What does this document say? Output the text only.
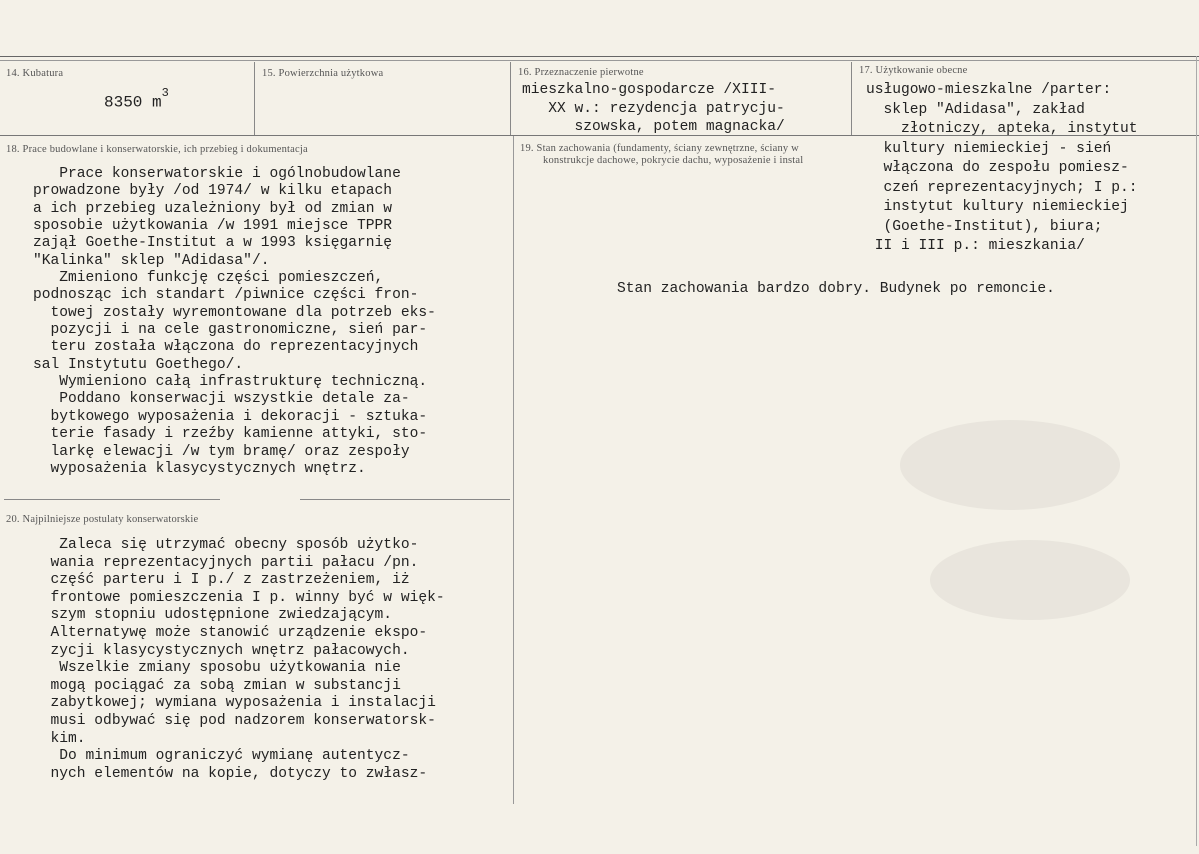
14. Kubatura
8350 $m^3$
15. Powierzchnia użytkowa	16. Przeznaczenie pierwotne
mieszkalno-gospodarcze /XIII-
XX w.: rezydencja patrycju-
szowska, potem magnacka/
17. Użytkowanie obecne
usługowo-mieszkalne /parter:
sklep "Adidasa", zakład
złotniczy, apteka, instytut
kultury niemieckiej - sień
włączona do zespołu pomiesz-
czeń reprezentacyjnych; I p.:
instytut kultury niemieckiej
(Goethe-Institut), biura;
II i III p.: mieszkania/
18. Prace budowlane i konserwatorskie, ich przebieg i dokumentacja
Prace konserwatorskie i ogólnobudowlane
prowadzone były /od 1974/ w kilku etapach
a ich przebieg uzależniony był od zmian w
sposobie użytkowania /w 1991 miejsce TPPR
zajął Goethe-Institut a w 1993 księgarnię
"Kalinka" sklep "Adidasa"/.
Zmieniono funkcję części pomieszczeń,
podnosząc ich standart /piwnice części fron-
towej zostały wyremontowane dla potrzeb eks-
pozycji i na cele gastronomiczne, sień par-
teru została włączona do reprezentacyjnych
sal Instytutu Goethego/.
Wymieniono całą infrastrukturę techniczną.
Poddano konserwacji wszystkie detale za-
bytkowego wyposażenia i dekoracji - sztuka-
terie fasady i rzeźby kamienne attyki, sto-
larkę elewacji /w tym bramę/ oraz zespoły
wyposażenia klasycystycznych wnętrz.
19. Stan zachowania (fundamenty, ściany zewnętrzne, ściany w
konstrukcje dachowe, pokrycie dachu, wyposażenie i instal
Stan zachowania bardzo dobry. Budynek po remoncie.
20. Najpilniejsze postulaty konserwatorskie
Zaleca się utrzymać obecny sposób użytko-
wania reprezentacyjnych partii pałacu /pn.
część parteru i I p./ z zastrzeżeniem, iż
frontowe pomieszczenia I p. winny być w więk-
szym stopniu udostępnione zwiedzającym.
Alternatywę może stanowić urządzenie ekspo-
zycji klasycystycznych wnętrz pałacowych.
Wszelkie zmiany sposobu użytkowania nie
mogą pociągać za sobą zmian w substancji
zabytkowej; wymiana wyposażenia i instalacji
musi odbywać się pod nadzorem konserwatorsk-
kim.
Do minimum ograniczyć wymianę autentycz-
nych elementów na kopie, dotyczy to zwłasz-
